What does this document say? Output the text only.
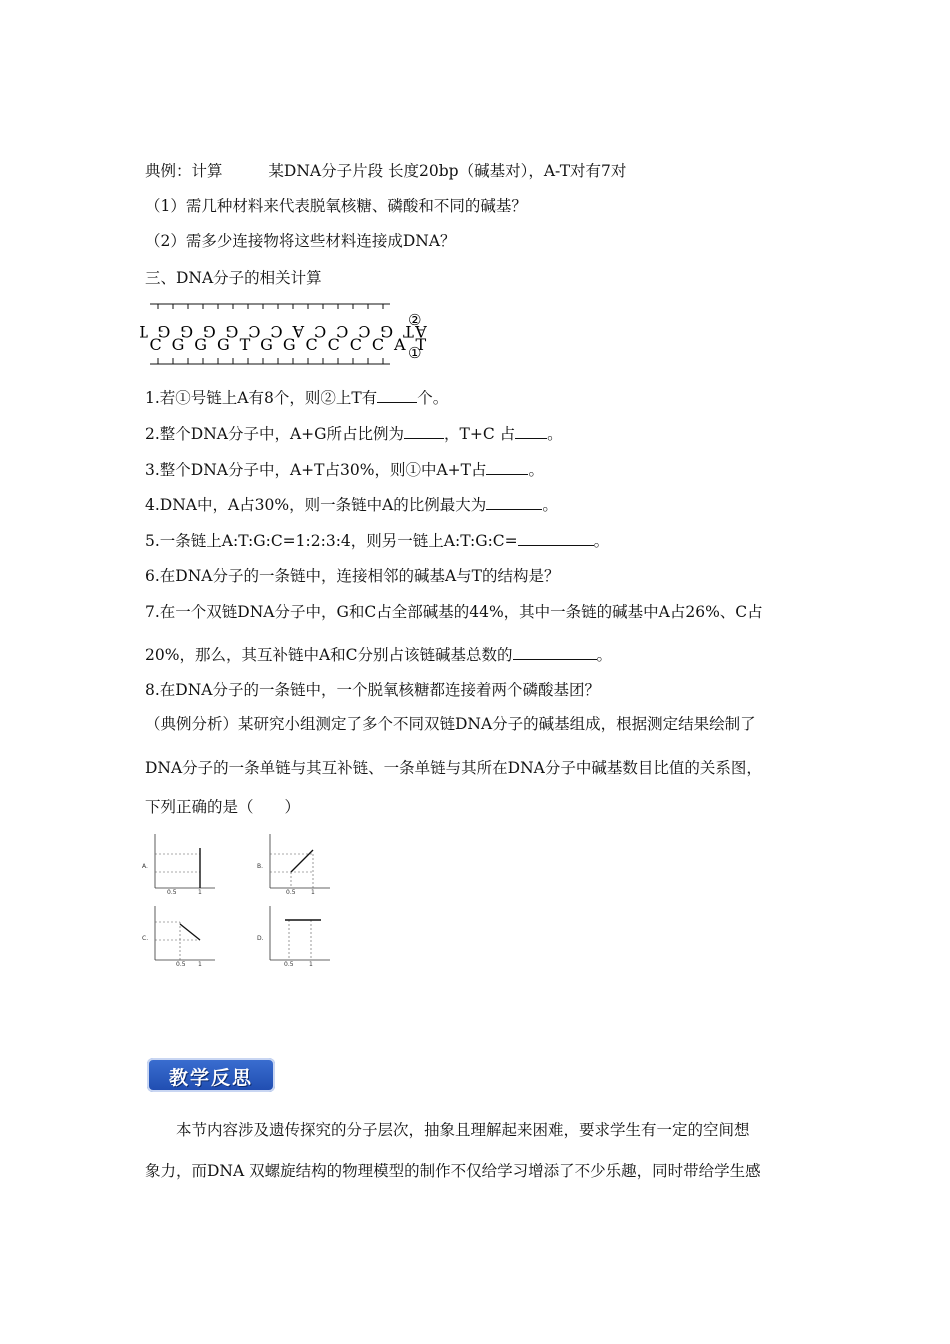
典例：计算	某DNA分子片段 长度20bp（碱基对），A-T对有7对
（1）需几种材料来代表脱氧核糖、磷酸和不同的碱基？
（2）需多少连接物将这些材料连接成DNA？
三、DNA分子的相关计算
AT G C C C A C C G G G G
②
C G G G T G G C C C C A T
①
1.若①号链上A有8个，则②上T有	个。
2.整个DNA分子中，A+G所占比例为	，T+C 占 。
3.整个DNA分子中，A+T占30%，则①中A+T占	。
4.DNA中，A占30%，则一条链中A的比例最大为	。
5.一条链上A:T:G:C=1:2:3:4，则另一链上A:T:G:C=	。
6.在DNA分子的一条链中，连接相邻的碱基A与T的结构是？
7.在一个双链DNA分子中，G和C占全部碱基的44%，其中一条链的碱基中A占26%、C占
20%，那么，其互补链中A和C分别占该链碱基总数的	。
8.在DNA分子的一条链中，一个脱氧核糖都连接着两个磷酸基团？
（典例分析）某研究小组测定了多个不同双链DNA分子的碱基组成，根据测定结果绘制了
DNA分子的一条单链与其互补链、一条单链与其所在DNA分子中碱基数目比值的关系图，
下列正确的是（　　）
A.
0.5	1
B.
0.5	1
C.
0.5 1
D.
0.5	1
教学反思
本节内容涉及遗传探究的分子层次，抽象且理解起来困难，要求学生有一定的空间想
象力，而DNA 双螺旋结构的物理模型的制作不仅给学习增添了不少乐趣，同时带给学生感
